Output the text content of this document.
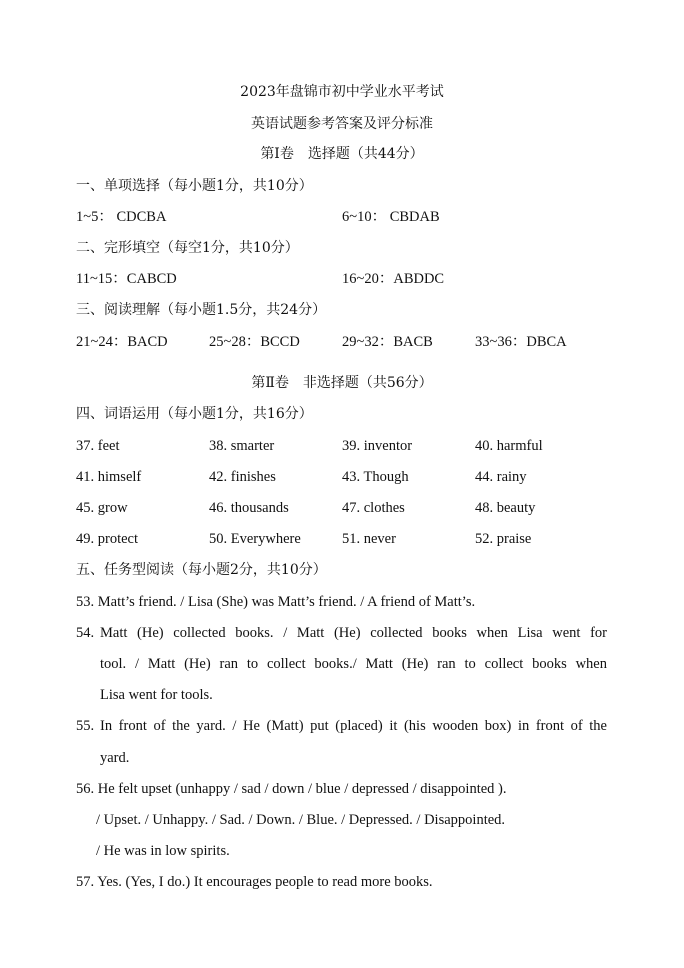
2023年盘锦市初中学业水平考试
英语试题参考答案及评分标准
第Ⅰ卷　选择题（共44分）
一、单项选择（每小题1分，共10分）
1~5： CDCBA	6~10： CBDAB
二、完形填空（每空1分，共10分）
11~15：CABCD	16~20：ABDDC
三、阅读理解（每小题1.5分，共24分）
21~24：BACD	25~28：BCCD	29~32：BACB	33~36：DBCA
第Ⅱ卷　非选择题（共56分）
四、词语运用（每小题1分，共16分）
37. feet	38. smarter	39. inventor	40. harmful
41. himself	42. finishes	43. Though	44. rainy
45. grow	46. thousands	47. clothes	48. beauty
49. protect	50. Everywhere	51. never	52. praise
五、任务型阅读（每小题2分，共10分）
53. Matt’s friend. / Lisa (She) was Matt’s friend. / A friend of Matt’s.
54. Matt (He) collected books. / Matt (He) collected books when Lisa went for
tool. / Matt (He) ran to collect books./ Matt (He) ran to collect books when
Lisa went for tools.
55. In front of the yard. / He (Matt) put (placed) it (his wooden box) in front of the
yard.
56. He felt upset (unhappy / sad / down / blue / depressed / disappointed ).
/ Upset. / Unhappy. / Sad. / Down. / Blue. / Depressed. / Disappointed.
/ He was in low spirits.
57. Yes. (Yes, I do.) It encourages people to read more books.
